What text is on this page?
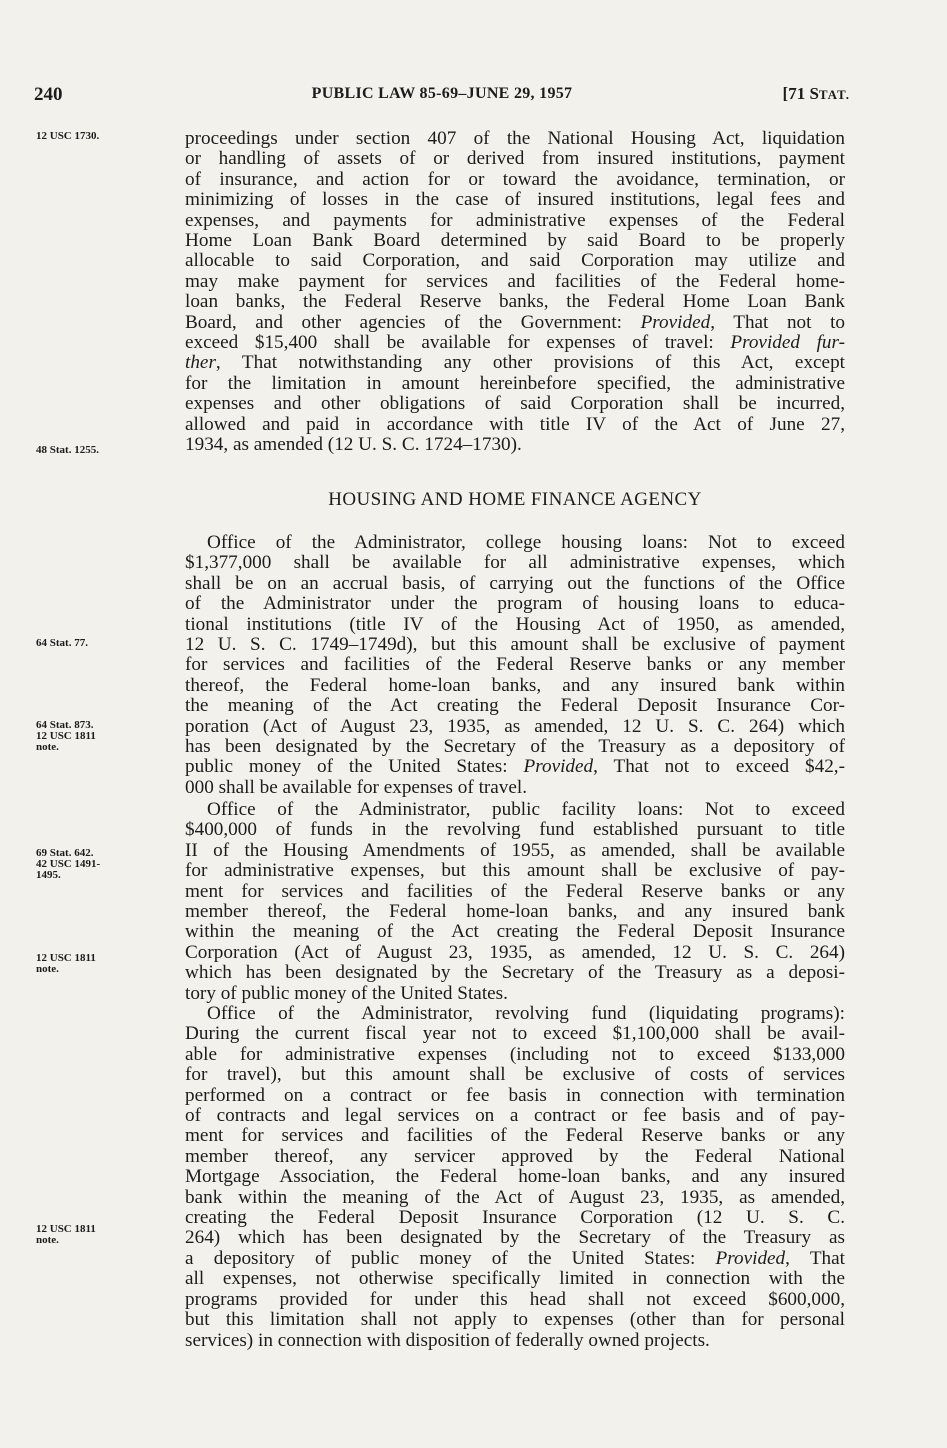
240	PUBLIC LAW 85-69–JUNE 29, 1957	[71 STAT.
12 USC 1730.
48 Stat. 1255.
64 Stat. 77.
64 Stat. 873.
12 USC 1811
note.
69 Stat. 642.
42 USC 1491-
1495.
12 USC 1811
note.
12 USC 1811
note.
proceedings under section 407 of the National Housing Act, liquidation
or handling of assets of or derived from insured institutions, payment
of insurance, and action for or toward the avoidance, termination, or
minimizing of losses in the case of insured institutions, legal fees and
expenses, and payments for administrative expenses of the Federal
Home Loan Bank Board determined by said Board to be properly
allocable to said Corporation, and said Corporation may utilize and
may make payment for services and facilities of the Federal home-
loan banks, the Federal Reserve banks, the Federal Home Loan Bank
Board, and other agencies of the Government: Provided, That not to
exceed $15,400 shall be available for expenses of travel: Provided fur-
ther, That notwithstanding any other provisions of this Act, except
for the limitation in amount hereinbefore specified, the administrative
expenses and other obligations of said Corporation shall be incurred,
allowed and paid in accordance with title IV of the Act of June 27,
1934, as amended (12 U. S. C. 1724–1730).
HOUSING AND HOME FINANCE AGENCY
Office of the Administrator, college housing loans: Not to exceed
$1,377,000 shall be available for all administrative expenses, which
shall be on an accrual basis, of carrying out the functions of the Office
of the Administrator under the program of housing loans to educa-
tional institutions (title IV of the Housing Act of 1950, as amended,
12 U. S. C. 1749–1749d), but this amount shall be exclusive of payment
for services and facilities of the Federal Reserve banks or any member
thereof, the Federal home-loan banks, and any insured bank within
the meaning of the Act creating the Federal Deposit Insurance Cor-
poration (Act of August 23, 1935, as amended, 12 U. S. C. 264) which
has been designated by the Secretary of the Treasury as a depository of
public money of the United States: Provided, That not to exceed $42,-
000 shall be available for expenses of travel.
Office of the Administrator, public facility loans: Not to exceed
$400,000 of funds in the revolving fund established pursuant to title
II of the Housing Amendments of 1955, as amended, shall be available
for administrative expenses, but this amount shall be exclusive of pay-
ment for services and facilities of the Federal Reserve banks or any
member thereof, the Federal home-loan banks, and any insured bank
within the meaning of the Act creating the Federal Deposit Insurance
Corporation (Act of August 23, 1935, as amended, 12 U. S. C. 264)
which has been designated by the Secretary of the Treasury as a deposi-
tory of public money of the United States.
Office of the Administrator, revolving fund (liquidating programs):
During the current fiscal year not to exceed $1,100,000 shall be avail-
able for administrative expenses (including not to exceed $133,000
for travel), but this amount shall be exclusive of costs of services
performed on a contract or fee basis in connection with termination
of contracts and legal services on a contract or fee basis and of pay-
ment for services and facilities of the Federal Reserve banks or any
member thereof, any servicer approved by the Federal National
Mortgage Association, the Federal home-loan banks, and any insured
bank within the meaning of the Act of August 23, 1935, as amended,
creating the Federal Deposit Insurance Corporation (12 U. S. C.
264) which has been designated by the Secretary of the Treasury as
a depository of public money of the United States: Provided, That
all expenses, not otherwise specifically limited in connection with the
programs provided for under this head shall not exceed $600,000,
but this limitation shall not apply to expenses (other than for personal
services) in connection with disposition of federally owned projects.
